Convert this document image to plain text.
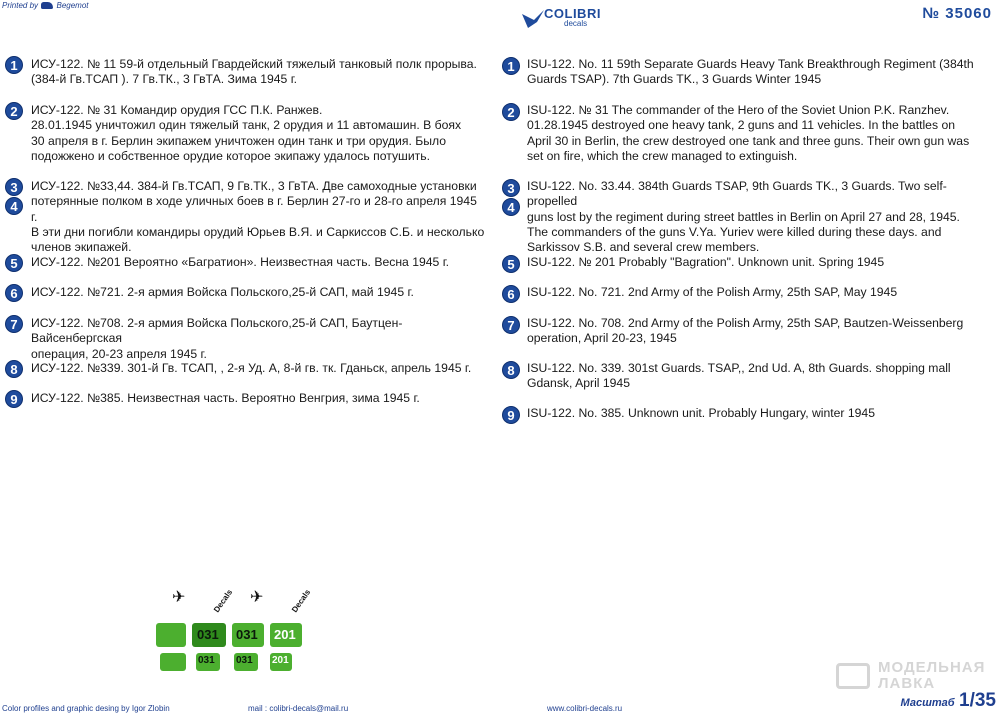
Printed by Begemot
COLIBRI
decals
№ 35060
ИСУ-122. № 11 59-й отдельный Гвардейский тяжелый танковый полк прорыва.
(384-й Гв.ТСАП ). 7 Гв.ТК., 3 ГвТА. Зима 1945 г.
ИСУ-122. № 31 Командир орудия ГСС П.К. Ранжев.
28.01.1945 уничтожил один тяжелый танк, 2 орудия и 11 автомашин. В боях
30 апреля в г. Берлин экипажем уничтожен один танк и три орудия. Было
подожжено и собственное орудие которое экипажу удалось потушить.
ИСУ-122. №33,44. 384-й Гв.ТСАП, 9 Гв.ТК., 3 ГвТА. Две самоходные установки
потерянные полком в ходе уличных боев в г. Берлин 27-го и 28-го апреля 1945 г.
В эти дни погибли командиры орудий Юрьев В.Я. и Саркиссов С.Б. и несколько
членов экипажей.
ИСУ-122. №201 Вероятно «Багратион». Неизвестная часть. Весна 1945 г.
ИСУ-122. №721. 2-я армия Войска Польского,25-й САП, май 1945 г.
ИСУ-122. №708. 2-я армия Войска Польского,25-й САП, Баутцен-Вайсенбергская
операция, 20-23 апреля 1945 г.
ИСУ-122. №339. 301-й Гв. ТСАП, , 2-я Уд. А, 8-й гв. тк. Гданьск, апрель 1945 г.
ИСУ-122. №385. Неизвестная часть. Вероятно Венгрия, зима 1945 г.
1
2
3
4
5
6
7
8
9
ISU-122. No. 11 59th Separate Guards Heavy Tank Breakthrough Regiment (384th
Guards TSAP). 7th Guards TK., 3 Guards Winter 1945
ISU-122. № 31 The commander of the Hero of the Soviet Union P.K. Ranzhev.
01.28.1945 destroyed one heavy tank, 2 guns and 11 vehicles. In the battles on
April 30 in Berlin, the crew destroyed one tank and three guns. Their own gun was
set on fire, which the crew managed to extinguish.
ISU-122. No. 33.44. 384th Guards TSAP, 9th Guards TK., 3 Guards. Two self-propelled
guns lost by the regiment during street battles in Berlin on April 27 and 28, 1945.
The commanders of the guns V.Ya. Yuriev were killed during these days. and
Sarkissov S.B. and several crew members.
ISU-122. № 201 Probably "Bagration". Unknown unit. Spring 1945
ISU-122. No. 721. 2nd Army of the Polish Army, 25th SAP, May 1945
ISU-122. No. 708. 2nd Army of the Polish Army, 25th SAP, Bautzen-Weissenberg
operation, April 20-23, 1945
ISU-122. No. 339. 301st Guards. TSAP,, 2nd Ud. A, 8th Guards. shopping mall
Gdansk, April 1945
ISU-122. No. 385. Unknown unit. Probably Hungary, winter 1945
1
2
3
4
5
6
7
8
9
✈	Decals ✈	Decals
031 031 201
031 031 201
Color profiles and graphic desing by Igor Zlobin	mail : colibri-decals@mail.ru	www.colibri-decals.ru
МОДЕЛЬНАЯ
ЛАВКА
Масштаб 1/35
